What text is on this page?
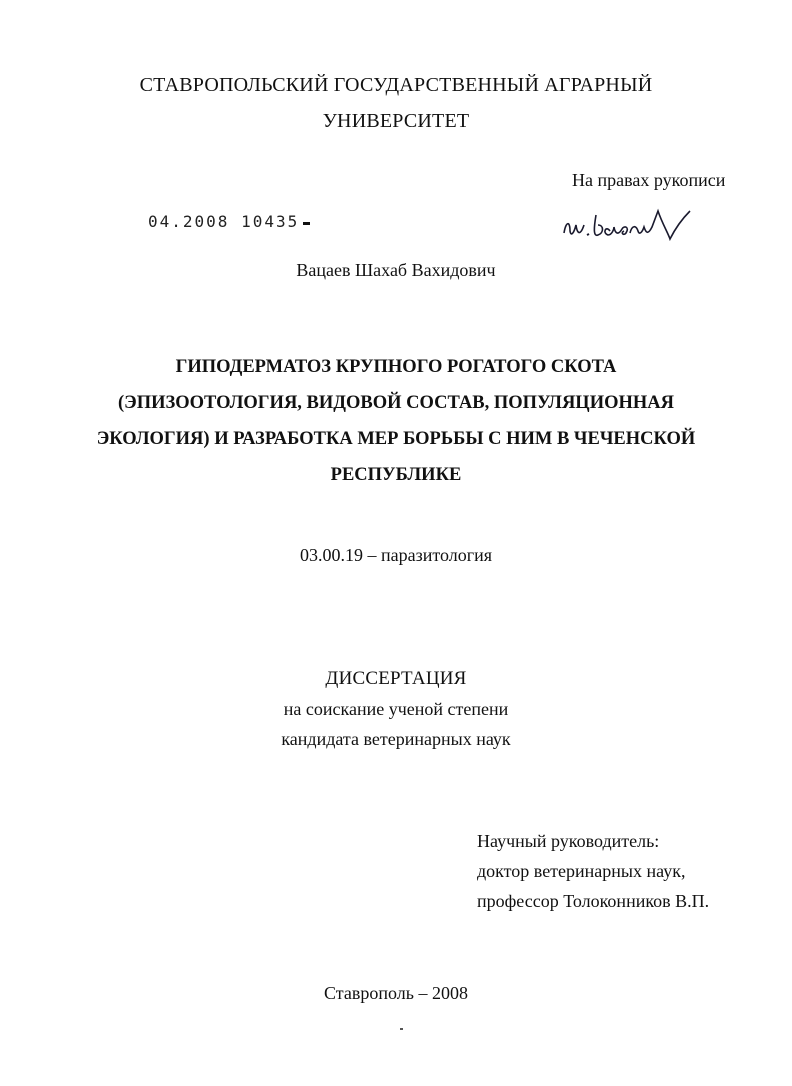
СТАВРОПОЛЬСКИЙ ГОСУДАРСТВЕННЫЙ АГРАРНЫЙ
УНИВЕРСИТЕТ
На правах рукописи
04.2008 10435
Вацаев Шахаб Вахидович
ГИПОДЕРМАТОЗ КРУПНОГО РОГАТОГО СКОТА
(ЭПИЗООТОЛОГИЯ, ВИДОВОЙ СОСТАВ, ПОПУЛЯЦИОННАЯ
ЭКОЛОГИЯ) И РАЗРАБОТКА МЕР БОРЬБЫ С НИМ В ЧЕЧЕНСКОЙ
РЕСПУБЛИКЕ
03.00.19 – паразитология
ДИССЕРТАЦИЯ
на соискание ученой степени
кандидата ветеринарных наук
Научный руководитель:
доктор ветеринарных наук,
профессор Толоконников В.П.
Ставрополь – 2008
